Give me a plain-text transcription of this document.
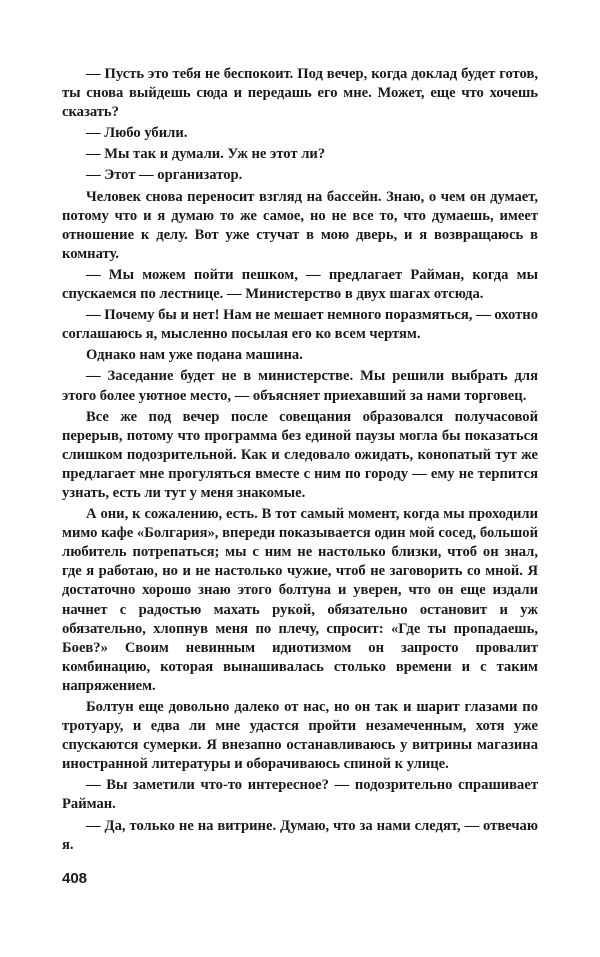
— Пусть это тебя не беспокоит. Под вечер, когда доклад будет готов, ты снова выйдешь сюда и передашь его мне. Может, еще что хочешь сказать?

— Любо убили.

— Мы так и думали. Уж не этот ли?

— Этот — организатор.

Человек снова переносит взгляд на бассейн. Знаю, о чем он думает, потому что и я думаю то же самое, но не все то, что думаешь, имеет отношение к делу. Вот уже стучат в мою дверь, и я возвращаюсь в комнату.

— Мы можем пойти пешком, — предлагает Райман, когда мы спускаемся по лестнице. — Министерство в двух шагах отсюда.

— Почему бы и нет! Нам не мешает немного поразмяться, — охотно соглашаюсь я, мысленно посылая его ко всем чертям.

Однако нам уже подана машина.

— Заседание будет не в министерстве. Мы решили выбрать для этого более уютное место, — объясняет приехавший за нами торговец.

Все же под вечер после совещания образовался получасовой перерыв, потому что программа без единой паузы могла бы показаться слишком подозрительной. Как и следовало ожидать, конопатый тут же предлагает мне прогуляться вместе с ним по городу — ему не терпится узнать, есть ли тут у меня знакомые.

А они, к сожалению, есть. В тот самый момент, когда мы проходили мимо кафе «Болгария», впереди показывается один мой сосед, большой любитель потрепаться; мы с ним не настолько близки, чтоб он знал, где я работаю, но и не настолько чужие, чтоб не заговорить со мной. Я достаточно хорошо знаю этого болтуна и уверен, что он еще издали начнет с радостью махать рукой, обязательно остановит и уж обязательно, хлопнув меня по плечу, спросит: «Где ты пропадаешь, Боев?» Своим невинным идиотизмом он запросто провалит комбинацию, которая вынашивалась столько времени и с таким напряжением.

Болтун еще довольно далеко от нас, но он так и шарит глазами по тротуару, и едва ли мне удастся пройти незамеченным, хотя уже спускаются сумерки. Я внезапно останавливаюсь у витрины магазина иностранной литературы и оборачиваюсь спиной к улице.

— Вы заметили что-то интересное? — подозрительно спрашивает Райман.

— Да, только не на витрине. Думаю, что за нами следят, — отвечаю я.

408
